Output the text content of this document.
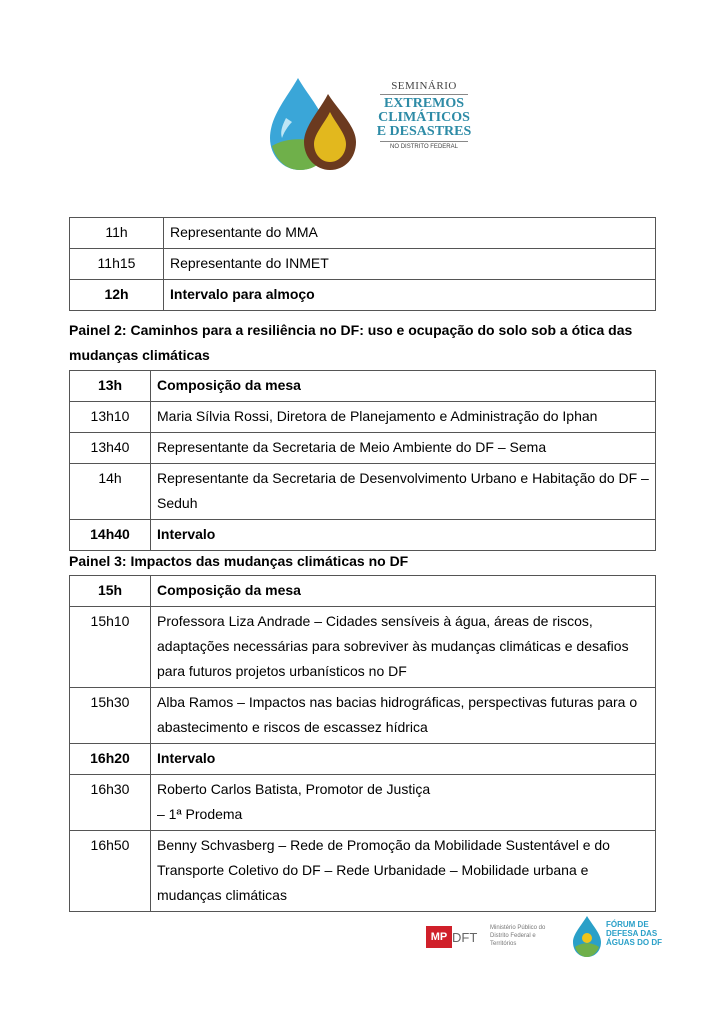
SEMINÁRIO
EXTREMOS
CLIMÁTICOS
E DESASTRES
NO DISTRITO FEDERAL
11h	Representante do MMA
11h15	Representante do INMET
12h	Intervalo para almoço
Painel 2: Caminhos para a resiliência no DF: uso e ocupação do solo sob a ótica das mudanças climáticas
13h	Composição da mesa
13h10	Maria Sílvia Rossi, Diretora de Planejamento e Administração do Iphan
13h40	Representante da Secretaria de Meio Ambiente do DF – Sema
14h	Representante da Secretaria de Desenvolvimento Urbano e Habitação do DF – Seduh
14h40	Intervalo
Painel 3: Impactos das mudanças climáticas no DF
15h	Composição da mesa
15h10	Professora Liza Andrade – Cidades sensíveis à água, áreas de riscos, adaptações necessárias para sobreviver às mudanças climáticas e desafios para futuros projetos urbanísticos no DF
15h30	Alba Ramos – Impactos nas bacias hidrográficas, perspectivas futuras para o abastecimento e riscos de escassez hídrica
16h20	Intervalo
16h30	Roberto Carlos Batista, Promotor de Justiça
– 1ª Prodema
16h50	Benny Schvasberg – Rede de Promoção da Mobilidade Sustentável e do Transporte Coletivo do DF – Rede Urbanidade – Mobilidade urbana e mudanças climáticas
MP DFT
Ministério Público do Distrito Federal e Territórios
FÓRUM DE DEFESA DAS ÁGUAS DO DF
